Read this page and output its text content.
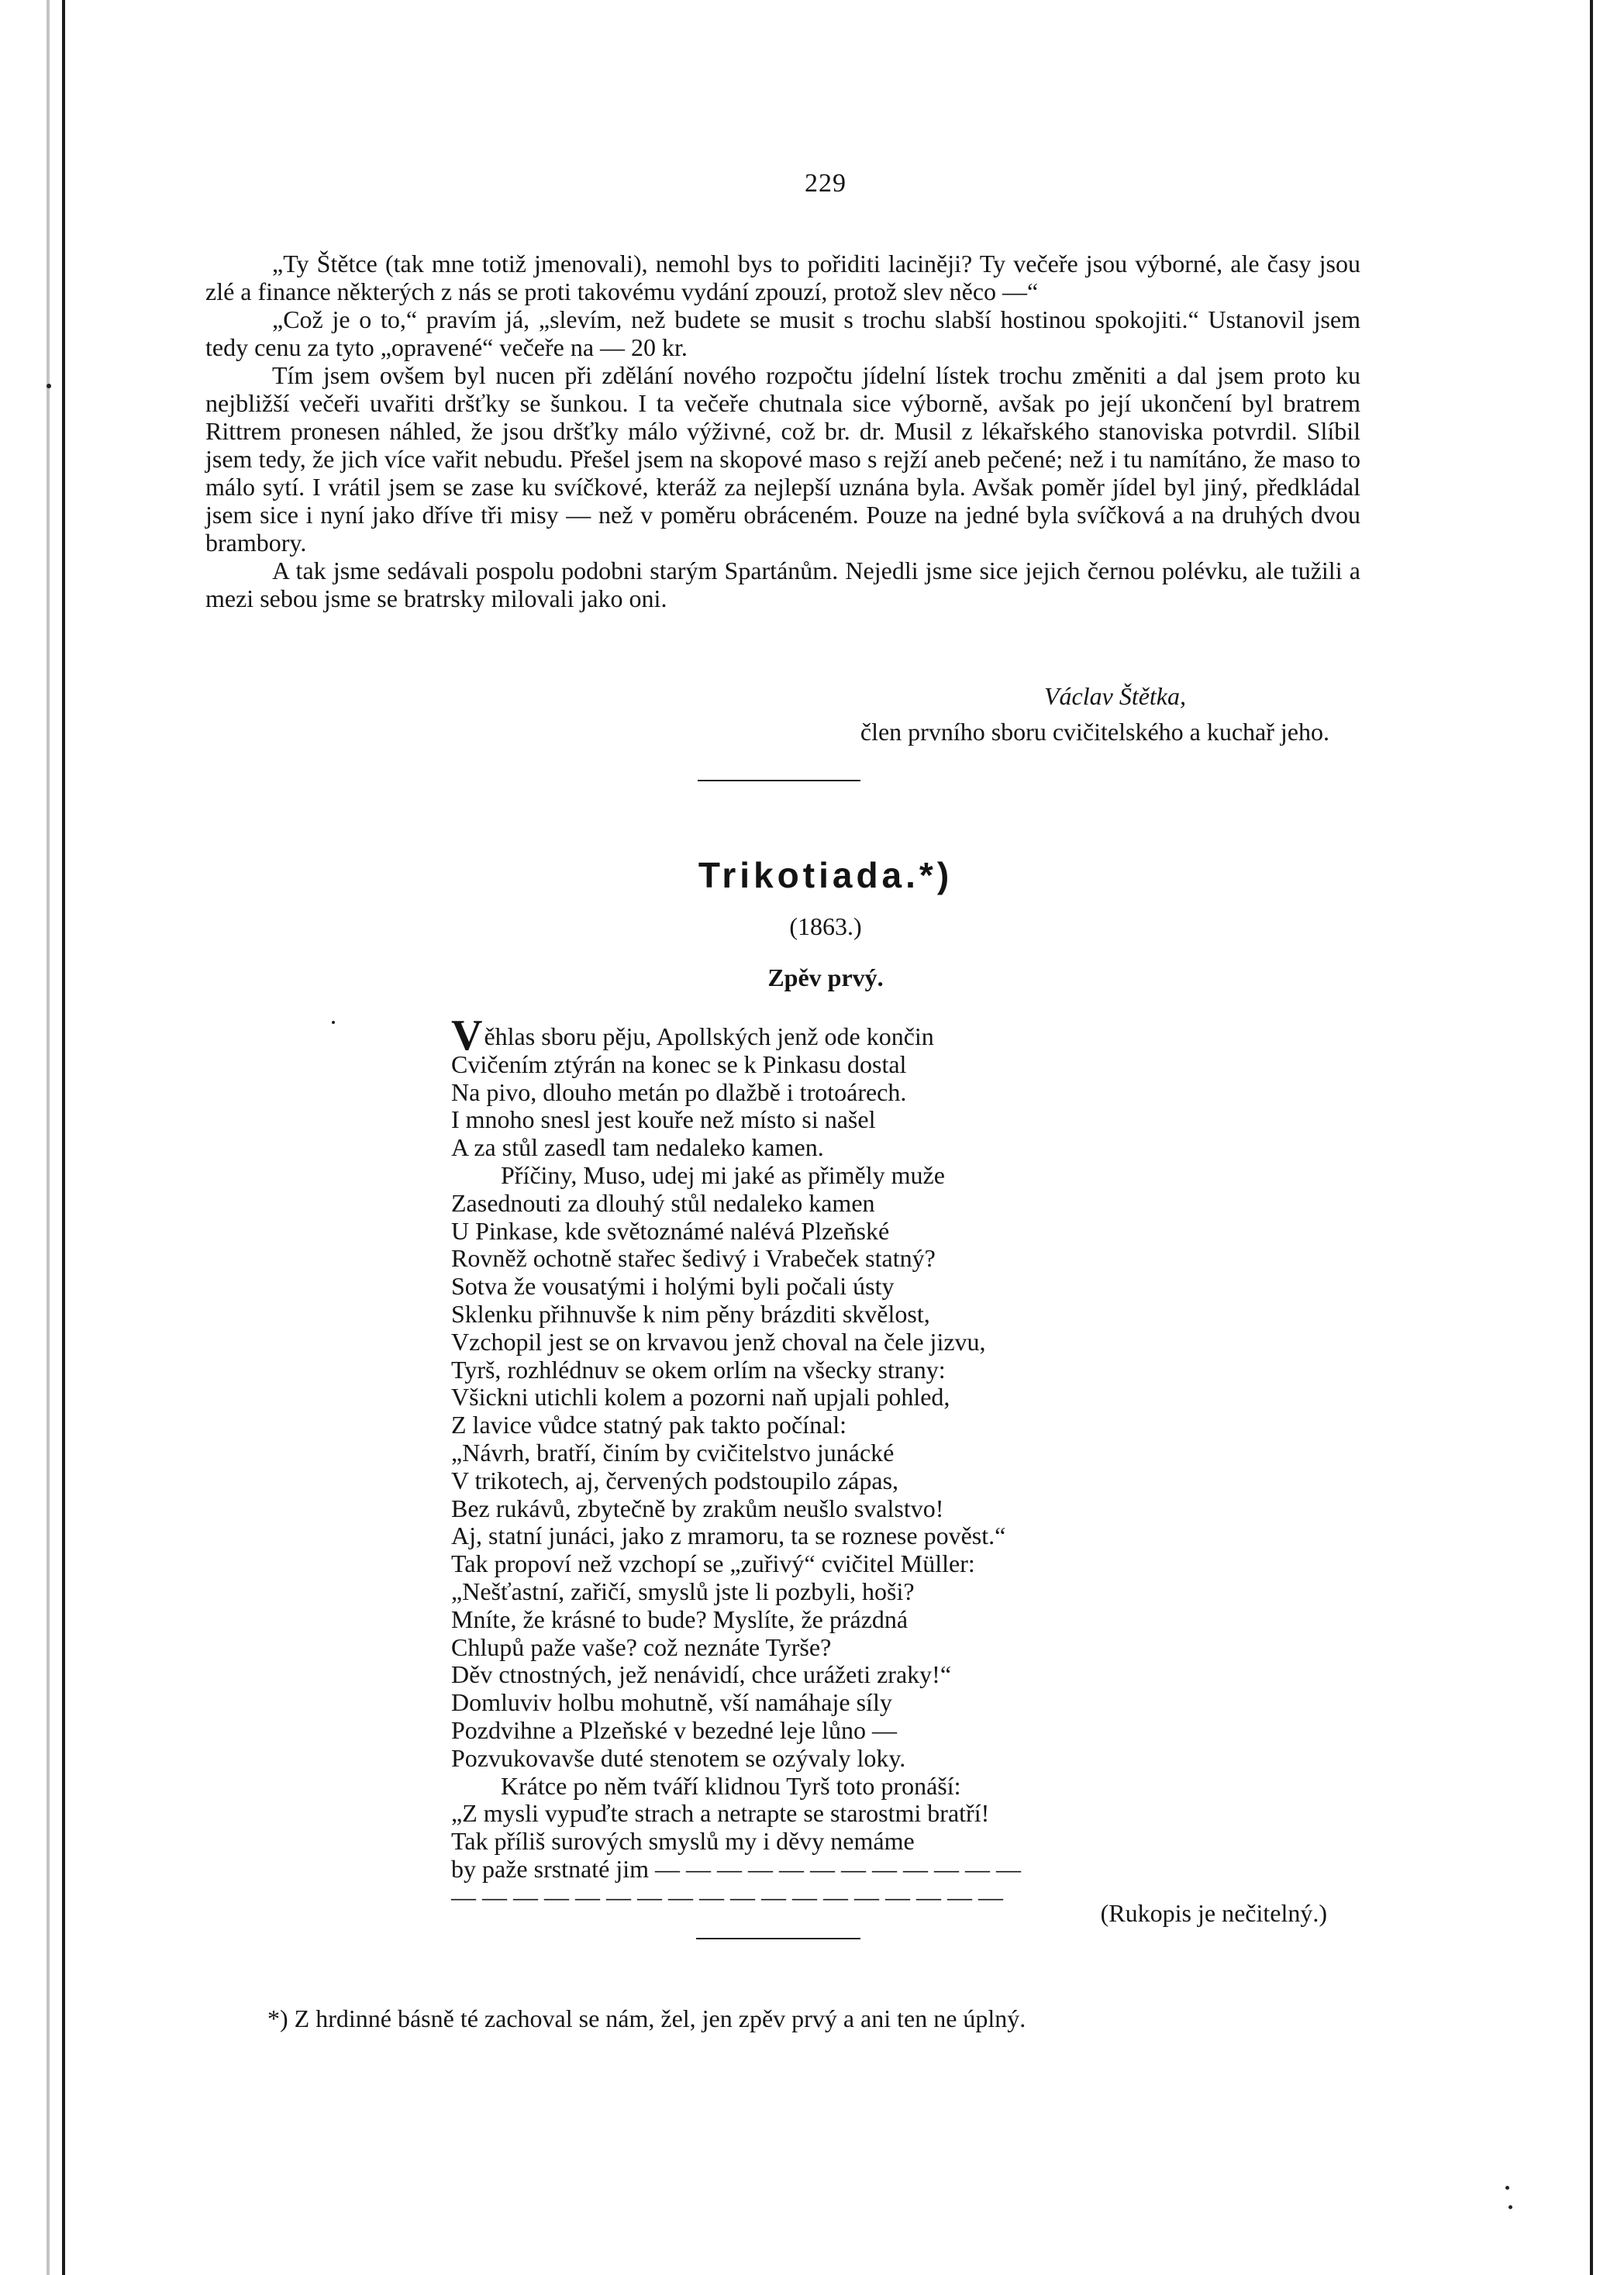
229

„Ty Štětce (tak mne totiž jmenovali), nemohl bys to pořiditi laciněji? Ty večeře jsou výborné, ale časy jsou zlé a finance některých z nás se proti takovému vydání zpouzí, protož slev něco —“

„Což je o to,“ pravím já, „slevím, než budete se musit s trochu slabší hostinou spokojiti.“ Ustanovil jsem tedy cenu za tyto „opravené“ večeře na — 20 kr.

Tím jsem ovšem byl nucen při zdělání nového rozpočtu jídelní lístek trochu změniti a dal jsem proto ku nejbližší večeři uvařiti dršťky se šunkou. I ta večeře chutnala sice výborně, avšak po její ukončení byl bratrem Rittrem pronesen náhled, že jsou dršťky málo výživné, což br. dr. Musil z lékařského stanoviska potvrdil. Slíbil jsem tedy, že jich více vařit nebudu. Přešel jsem na skopové maso s rejží aneb pečené; než i tu namítáno, že maso to málo sytí. I vrátil jsem se zase ku svíčkové, kteráž za nejlepší uznána byla. Avšak poměr jídel byl jiný, předkládal jsem sice i nyní jako dříve tři misy — než v poměru obráceném. Pouze na jedné byla svíčková a na druhých dvou brambory.

A tak jsme sedávali pospolu podobni starým Spartánům. Nejedli jsme sice jejich černou polévku, ale tužili a mezi sebou jsme se bratrsky milovali jako oni.

Václav Štětka,
člen prvního sboru cvičitelského a kuchař jeho.
Trikotiada.*)
(1863.)
Zpěv prvý.
Věhlas sboru pěju, Apollských jenž ode končin
Cvičením ztýrán na konec se k Pinkasu dostal
Na pivo, dlouho metán po dlažbě i trotoárech.
I mnoho snesl jest kouře než místo si našel
A za stůl zasedl tam nedaleko kamen.
Příčiny, Muso, udej mi jaké as přiměly muže
Zasednouti za dlouhý stůl nedaleko kamen
U Pinkase, kde světoznámé nalévá Plzeňské
Rovněž ochotně stařec šedivý i Vrabeček statný?
Sotva že vousatými i holými byli počali ústy
Sklenku přihnuvše k nim pěny brázditi skvělost,
Vzchopil jest se on krvavou jenž choval na čele jizvu,
Tyrš, rozhlédnuv se okem orlím na všecky strany:
Všickni utichli kolem a pozorni naň upjali pohled,
Z lavice vůdce statný pak takto počínal:
„Návrh, bratří, činím by cvičitelstvo junácké
V trikotech, aj, červených podstoupilo zápas,
Bez rukávů, zbytečně by zrakům neušlo svalstvo!
Aj, statní junáci, jako z mramoru, ta se roznese pověst.“
Tak propoví než vzchopí se „zuřivý“ cvičitel Müller:
„Nešťastní, zařičí, smyslů jste li pozbyli, hoši?
Mníte, že krásné to bude? Myslíte, že prázdná
Chlupů paže vaše? což neznáte Tyrše?
Děv ctnostných, jež nenávidí, chce urážeti zraky!“
Domluviv holbu mohutně, vší namáhaje síly
Pozdvihne a Plzeňské v bezedné leje lůno —
Pozvukovavše duté stenotem se ozývaly loky.
Krátce po něm tváří klidnou Tyrš toto pronáší:
„Z mysli vypuďte strach a netrapte se starostmi bratří!
Tak příliš surových smyslů my i děvy nemáme
by paže srstnaté jim — — — — — — — — — — — —
— — — — — — — — — — — — — — — — — —
(Rukopis je nečitelný.)
*) Z hrdinné básně té zachoval se nám, žel, jen zpěv prvý a ani ten ne úplný.
